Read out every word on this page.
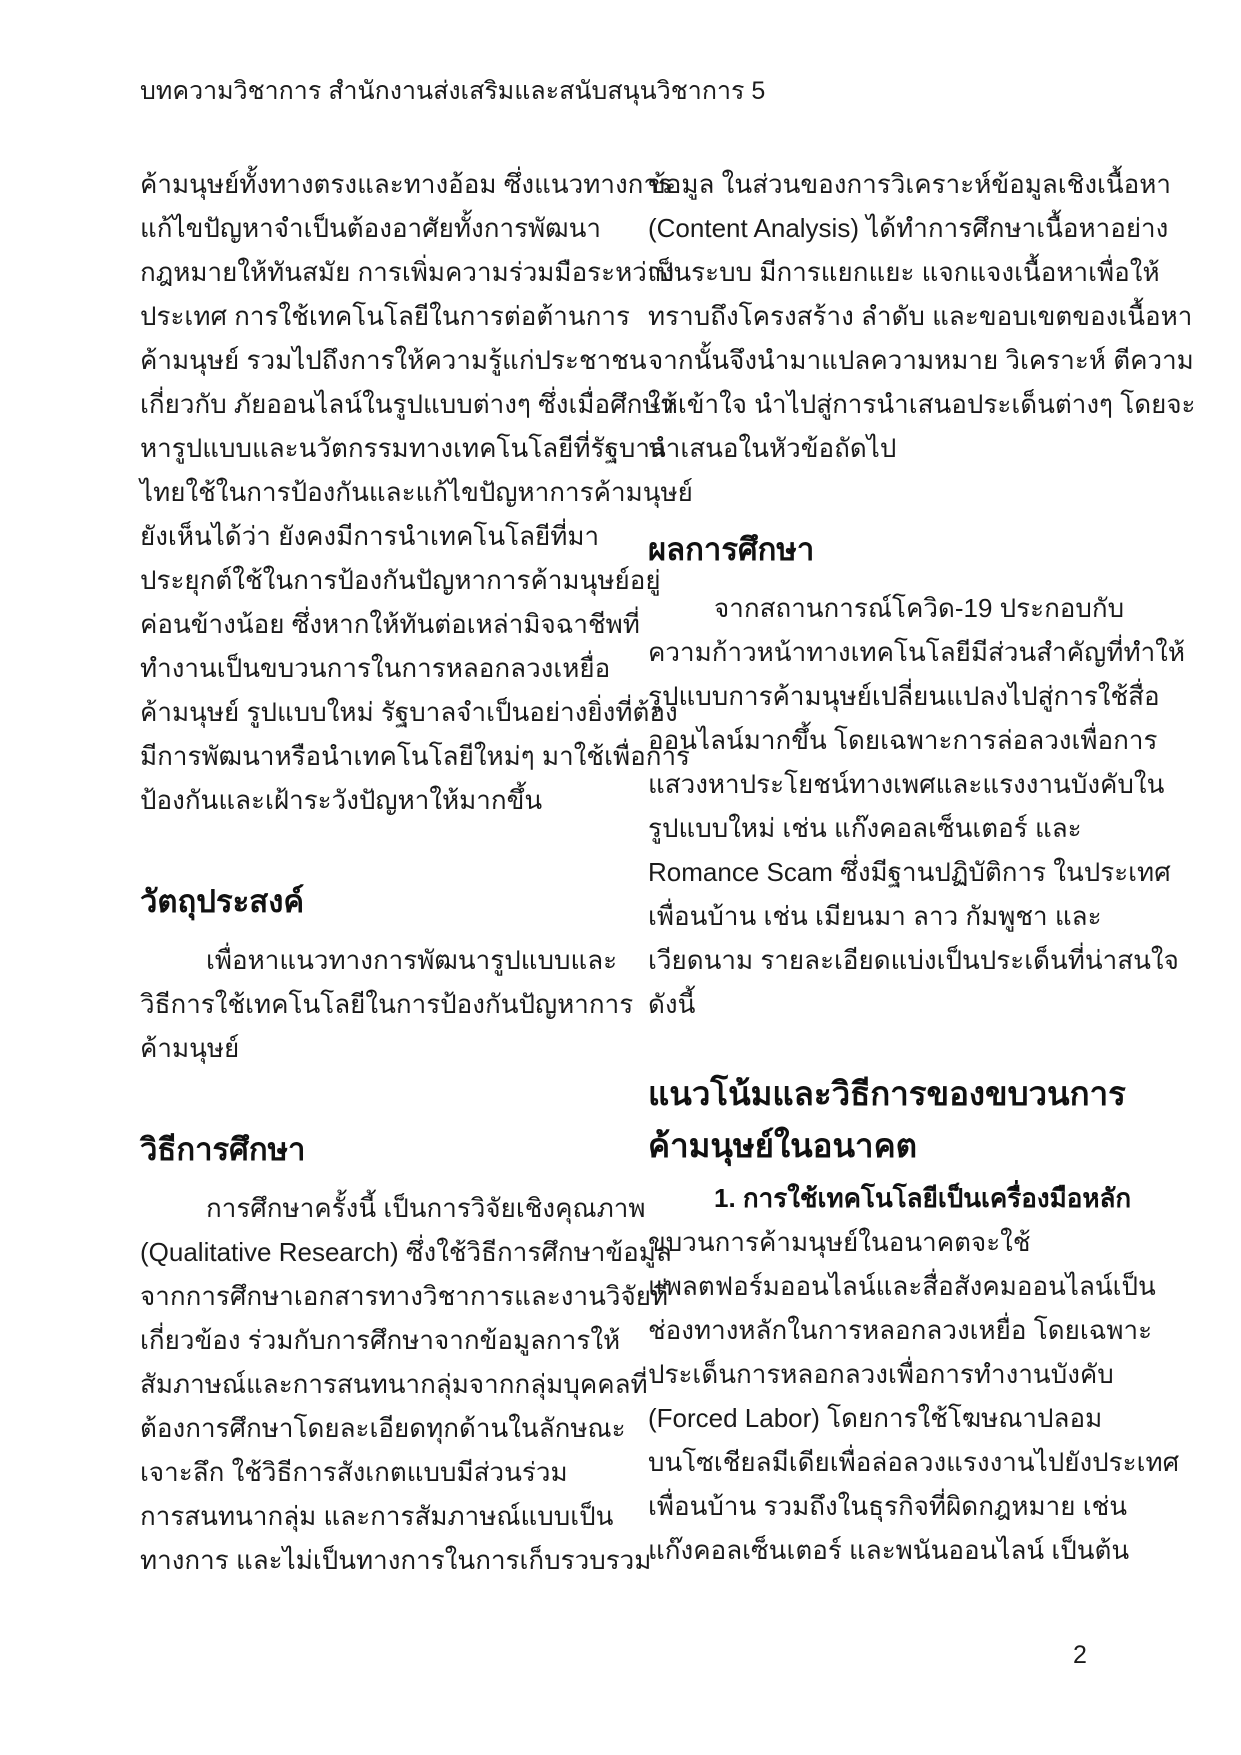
บทความวิชาการ สำนักงานส่งเสริมและสนับสนุนวิชาการ 5
ค้ามนุษย์ทั้งทางตรงและทางอ้อม ซึ่งแนวทางการ
แก้ไขปัญหาจำเป็นต้องอาศัยทั้งการพัฒนา
กฎหมายให้ทันสมัย การเพิ่มความร่วมมือระหว่าง
ประเทศ การใช้เทคโนโลยีในการต่อต้านการ
ค้ามนุษย์ รวมไปถึงการให้ความรู้แก่ประชาชน
เกี่ยวกับ ภัยออนไลน์ในรูปแบบต่างๆ ซึ่งเมื่อศึกษา
หารูปแบบและนวัตกรรมทางเทคโนโลยีที่รัฐบาล
ไทยใช้ในการป้องกันและแก้ไขปัญหาการค้ามนุษย์
ยังเห็นได้ว่า ยังคงมีการนำเทคโนโลยีที่มา
ประยุกต์ใช้ในการป้องกันปัญหาการค้ามนุษย์อยู่
ค่อนข้างน้อย ซึ่งหากให้ทันต่อเหล่ามิจฉาชีพที่
ทำงานเป็นขบวนการในการหลอกลวงเหยื่อ
ค้ามนุษย์ รูปแบบใหม่ รัฐบาลจำเป็นอย่างยิ่งที่ต้อง
มีการพัฒนาหรือนำเทคโนโลยีใหม่ๆ มาใช้เพื่อการ
ป้องกันและเฝ้าระวังปัญหาให้มากขึ้น
วัตถุประสงค์
เพื่อหาแนวทางการพัฒนารูปแบบและ
วิธีการใช้เทคโนโลยีในการป้องกันปัญหาการ
ค้ามนุษย์
วิธีการศึกษา
การศึกษาครั้งนี้ เป็นการวิจัยเชิงคุณภาพ
(Qualitative Research) ซึ่งใช้วิธีการศึกษาข้อมูล
จากการศึกษาเอกสารทางวิชาการและงานวิจัยที่
เกี่ยวข้อง ร่วมกับการศึกษาจากข้อมูลการให้
สัมภาษณ์และการสนทนากลุ่มจากกลุ่มบุคคลที่
ต้องการศึกษาโดยละเอียดทุกด้านในลักษณะ
เจาะลึก ใช้วิธีการสังเกตแบบมีส่วนร่วม
การสนทนากลุ่ม และการสัมภาษณ์แบบเป็น
ทางการ และไม่เป็นทางการในการเก็บรวบรวม
ข้อมูล ในส่วนของการวิเคราะห์ข้อมูลเชิงเนื้อหา
(Content Analysis) ได้ทำการศึกษาเนื้อหาอย่าง
เป็นระบบ มีการแยกแยะ แจกแจงเนื้อหาเพื่อให้
ทราบถึงโครงสร้าง ลำดับ และขอบเขตของเนื้อหา
จากนั้นจึงนำมาแปลความหมาย วิเคราะห์ ตีความ
ให้เข้าใจ นำไปสู่การนำเสนอประเด็นต่างๆ โดยจะ
นำเสนอในหัวข้อถัดไป
ผลการศึกษา
จากสถานการณ์โควิด-19 ประกอบกับ
ความก้าวหน้าทางเทคโนโลยีมีส่วนสำคัญที่ทำให้
รูปแบบการค้ามนุษย์เปลี่ยนแปลงไปสู่การใช้สื่อ
ออนไลน์มากขึ้น โดยเฉพาะการล่อลวงเพื่อการ
แสวงหาประโยชน์ทางเพศและแรงงานบังคับใน
รูปแบบใหม่ เช่น แก๊งคอลเซ็นเตอร์ และ
Romance Scam ซึ่งมีฐานปฏิบัติการ ในประเทศ
เพื่อนบ้าน เช่น เมียนมา ลาว กัมพูชา และ
เวียดนาม รายละเอียดแบ่งเป็นประเด็นที่น่าสนใจ
ดังนี้
แนวโน้มและวิธีการของขบวนการ
ค้ามนุษย์ในอนาคต
1. การใช้เทคโนโลยีเป็นเครื่องมือหลัก
ขบวนการค้ามนุษย์ในอนาคตจะใช้
แพลตฟอร์มออนไลน์และสื่อสังคมออนไลน์เป็น
ช่องทางหลักในการหลอกลวงเหยื่อ โดยเฉพาะ
ประเด็นการหลอกลวงเพื่อการทำงานบังคับ
(Forced Labor) โดยการใช้โฆษณาปลอม
บนโซเชียลมีเดียเพื่อล่อลวงแรงงานไปยังประเทศ
เพื่อนบ้าน รวมถึงในธุรกิจที่ผิดกฎหมาย เช่น
แก๊งคอลเซ็นเตอร์ และพนันออนไลน์ เป็นต้น
2
